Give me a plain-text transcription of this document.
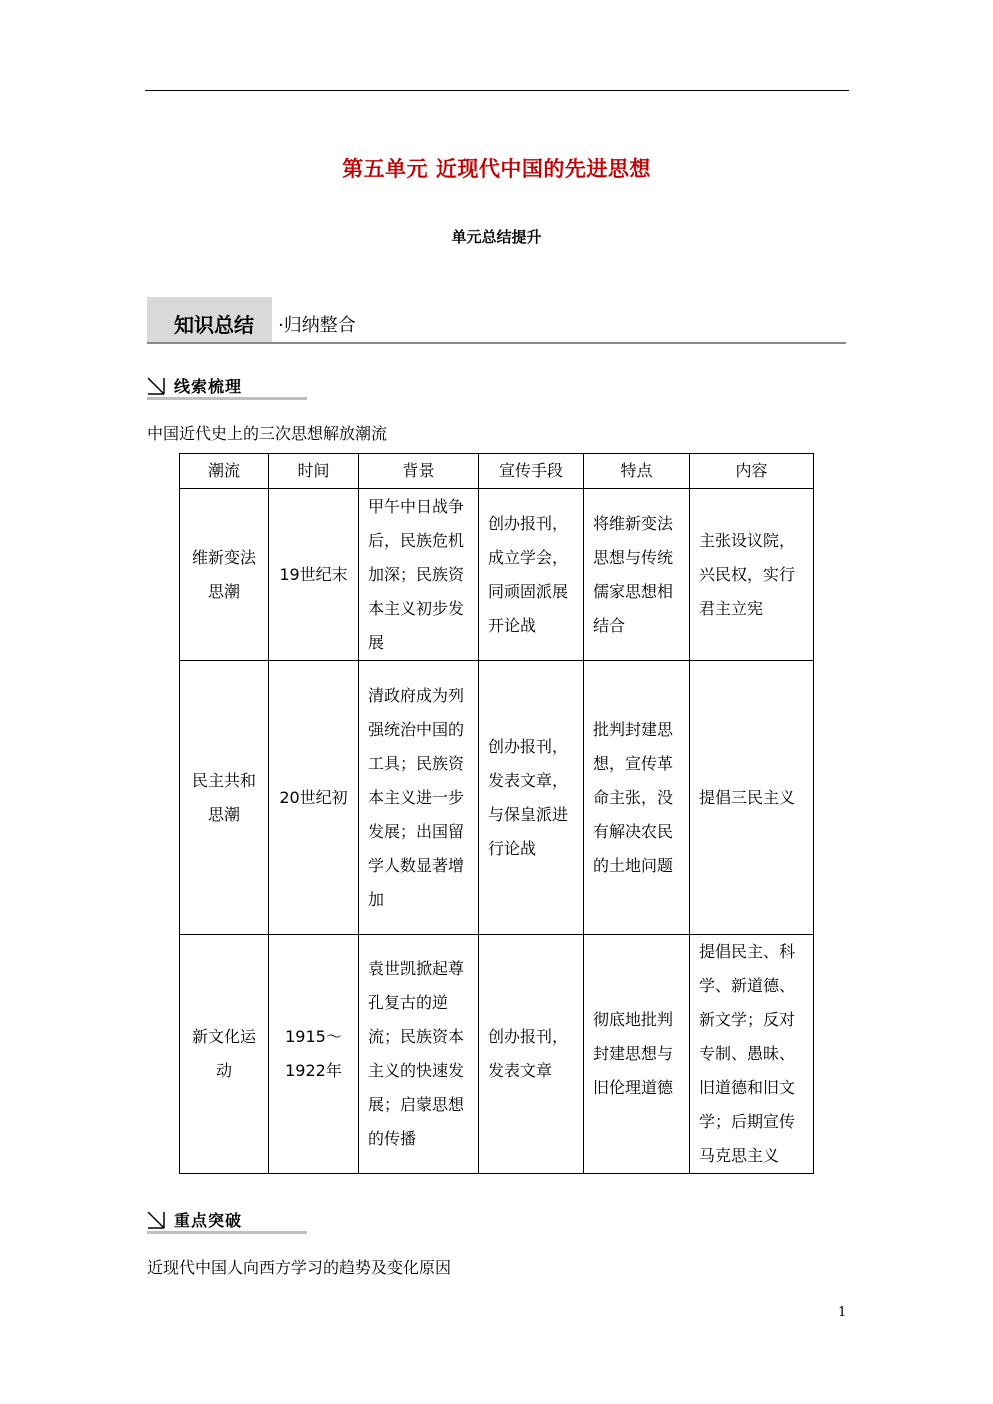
第五单元 近现代中国的先进思想
单元总结提升
知识总结 ·归纳整合
线索梳理
中国近代史上的三次思想解放潮流
潮流	时间	背景	宣传手段	特点	内容
维新变法思潮	19世纪末	甲午中日战争后，民族危机加深；民族资本主义初步发展	创办报刊，成立学会，同顽固派展开论战	将维新变法思想与传统儒家思想相结合	主张设议院，兴民权，实行君主立宪
民主共和思潮	20世纪初	清政府成为列强统治中国的工具；民族资本主义进一步发展；出国留学人数显著增加	创办报刊，发表文章，与保皇派进行论战	批判封建思想，宣传革命主张，没有解决农民的土地问题	提倡三民主义
新文化运动	1915～1922年	袁世凯掀起尊孔复古的逆流；民族资本主义的快速发展；启蒙思想的传播	创办报刊，发表文章	彻底地批判封建思想与旧伦理道德	提倡民主、科学、新道德、新文学；反对专制、愚昧、旧道德和旧文学；后期宣传马克思主义
重点突破
近现代中国人向西方学习的趋势及变化原因
1
